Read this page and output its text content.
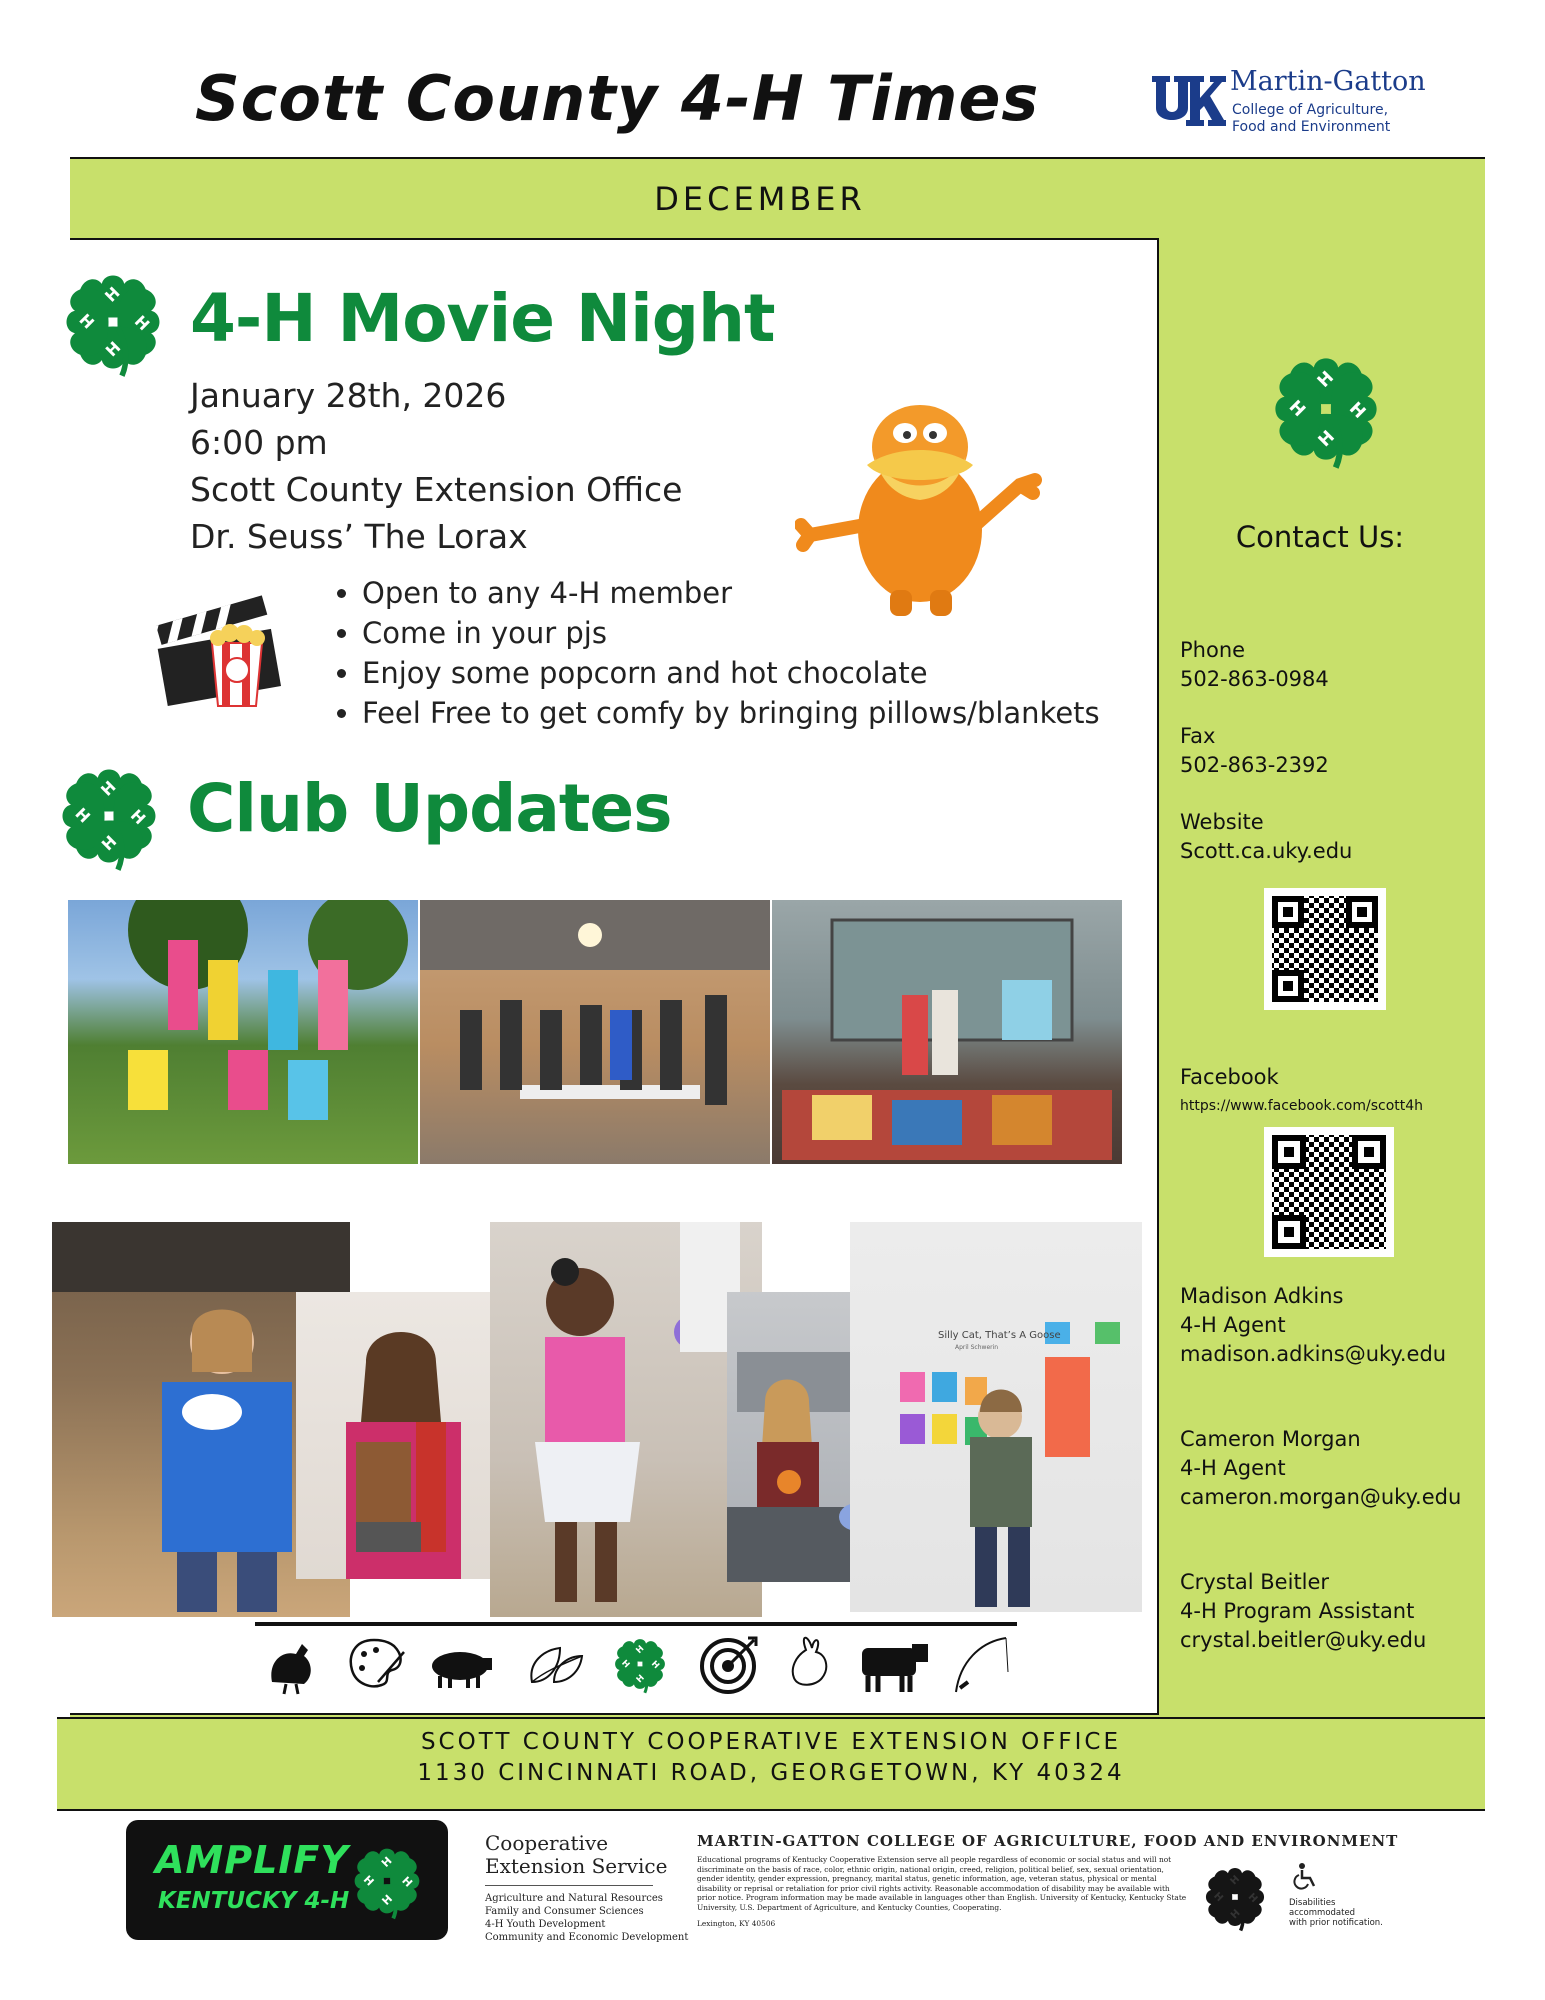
Scott County 4-H Times	Martin-Gatton
College of Agriculture,
Food and Environment
DECEMBER
4-H Movie Night
January 28th, 2026
6:00 pm
Scott County Extension Office
Dr. Seuss’ The Lorax
• Open to any 4-H member
• Come in your pjs
• Enjoy some popcorn and hot chocolate
• Feel Free to get comfy by bringing pillows/blankets
Club Updates
Silly Cat, That’s A Goose
April Schwerin
Contact Us:
Phone
502-863-0984
Fax
502-863-2392
Website
Scott.ca.uky.edu
Facebook
https://www.facebook.com/scott4h
Madison Adkins
4-H Agent
madison.adkins@uky.edu
Cameron Morgan
4-H Agent
cameron.morgan@uky.edu
Crystal Beitler
4-H Program Assistant
crystal.beitler@uky.edu
SCOTT COUNTY COOPERATIVE EXTENSION OFFICE
1130 CINCINNATI ROAD, GEORGETOWN, KY 40324
AMPLIFY
KENTUCKY 4-H
Cooperative
Extension Service
Agriculture and Natural Resources
Family and Consumer Sciences
4-H Youth Development
Community and Economic Development
MARTIN-GATTON COLLEGE OF AGRICULTURE, FOOD AND ENVIRONMENT
Educational programs of Kentucky Cooperative Extension serve all people regardless of economic or social status and will not discriminate on the basis of race, color, ethnic origin, national origin, creed, religion, political belief, sex, sexual orientation, gender identity, gender expression, pregnancy, marital status, genetic information, age, veteran status, physical or mental disability or reprisal or retaliation for prior civil rights activity. Reasonable accommodation of disability may be available with prior notice. Program information may be made available in languages other than English. University of Kentucky, Kentucky State University, U.S. Department of Agriculture, and Kentucky Counties, Cooperating.
Lexington, KY 40506
Disabilities
accommodated
with prior notification.
